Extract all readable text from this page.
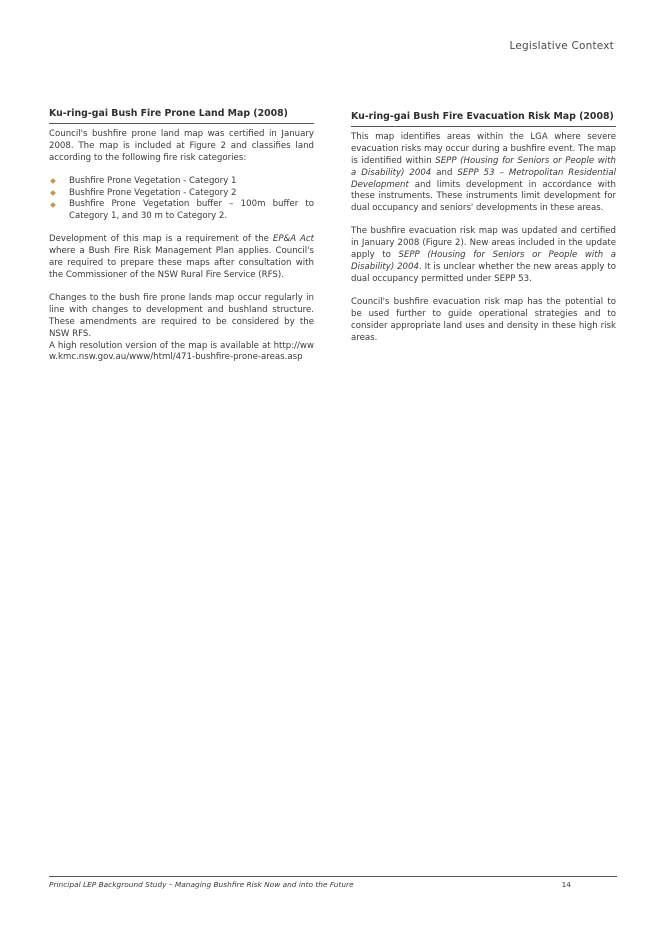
Legislative Context
Ku-ring-gai Bush Fire Prone Land Map (2008)

Council's bushfire prone land map was certified in January 2008. The map is included at Figure 2 and classifies land according to the following fire risk categories:

Bushfire Prone Vegetation - Category 1
Bushfire Prone Vegetation - Category 2
Bushfire Prone Vegetation buffer – 100m buffer to Category 1, and 30 m to Category 2.

Development of this map is a requirement of the EP&A Act where a Bush Fire Risk Management Plan applies. Council's are required to prepare these maps after consultation with the Commissioner of the NSW Rural Fire Service (RFS).

Changes to the bush fire prone lands map occur regularly in line with changes to development and bushland structure. These amendments are required to be considered by the NSW RFS.

A high resolution version of the map is available at http://www.kmc.nsw.gov.au/www/html/471-bushfire-prone-areas.asp

Ku-ring-gai Bush Fire Evacuation Risk Map (2008)

This map identifies areas within the LGA where severe evacuation risks may occur during a bushfire event. The map is identified within SEPP (Housing for Seniors or People with a Disability) 2004 and SEPP 53 – Metropolitan Residential Development and limits development in accordance with these instruments. These instruments limit development for dual occupancy and seniors' developments in these areas.

The bushfire evacuation risk map was updated and certified in January 2008 (Figure 2). New areas included in the update apply to SEPP (Housing for Seniors or People with a Disability) 2004. It is unclear whether the new areas apply to dual occupancy permitted under SEPP 53.

Council's bushfire evacuation risk map has the potential to be used further to guide operational strategies and to consider appropriate land uses and density in these high risk areas.

Principal LEP Background Study – Managing Bushfire Risk Now and into the Future	14
